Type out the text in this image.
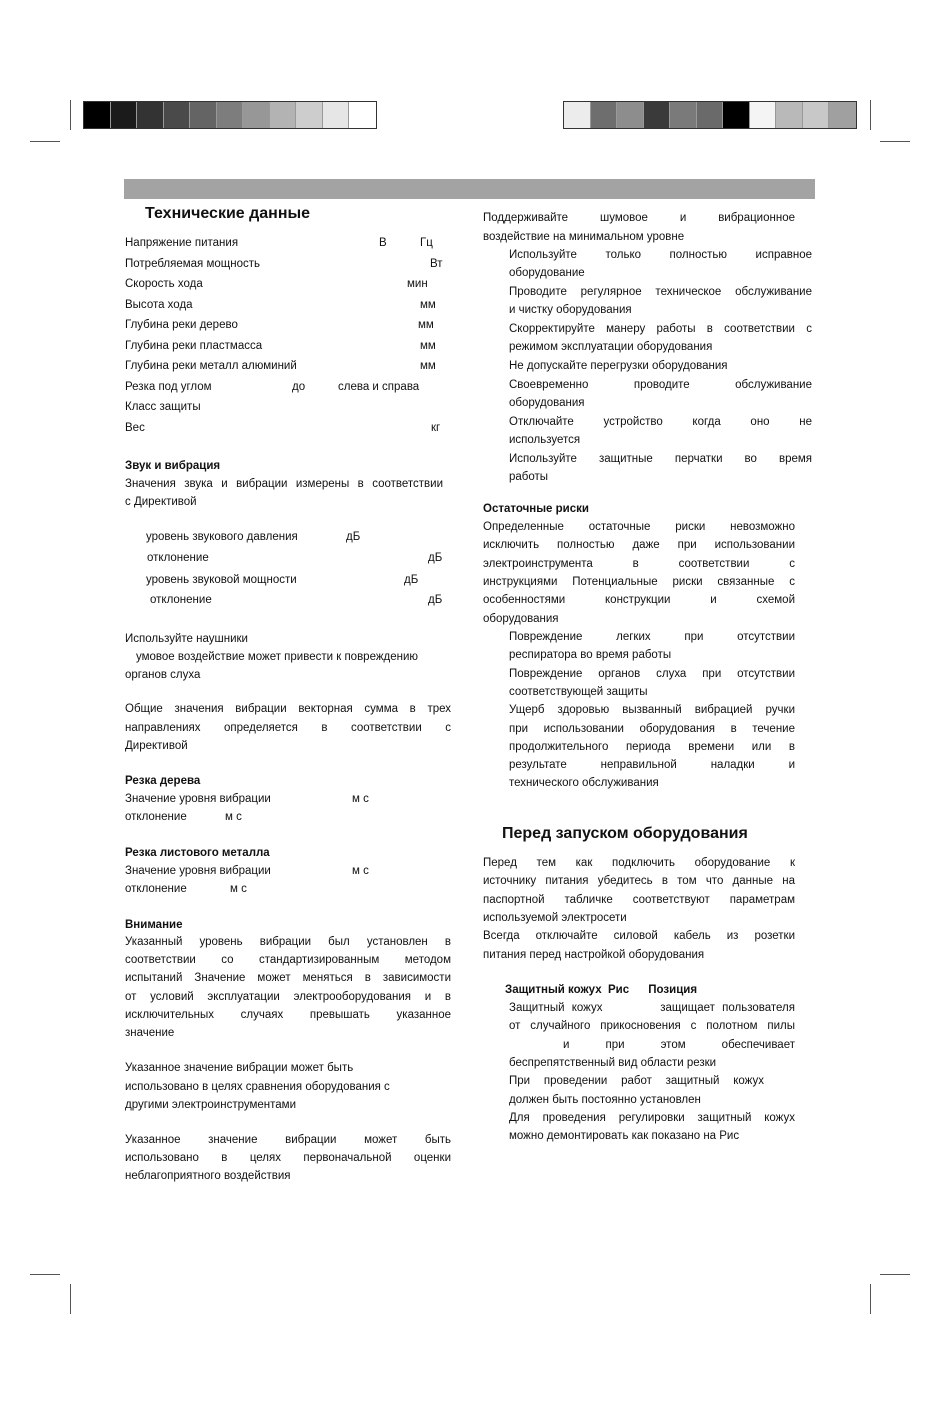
Технические данные
Напряжение питания	В	Гц
Потребляемая мощность	Вт
Скорость хода	мин
Высота хода	мм
Глубина реки дерево	мм
Глубина реки пластмасса	мм
Глубина реки металл алюминий	мм
Резка под углом	до	слева и справа
Класс защиты
Вес	кг
Звук и вибрация
Значения звука и вибрации измерены в соответствии
с Директивой
уровень звукового давления	дБ
отклонение	дБ
уровень звуковой мощности	дБ
отклонение	дБ
Используйте наушники
умовое воздействие может привести к повреждению
органов слуха
Общие значения вибрации векторная сумма в трех
направлениях определяется в соответствии с
Директивой
Резка дерева
Значение уровня вибрации	м с
отклонение	м с
Резка листового металла
Значение уровня вибрации	м с
отклонение	м с
Внимание
Указанный уровень вибрации был установлен в
соответствии со стандартизированным методом
испытаний Значение может меняться в зависимости
от условий эксплуатации электрооборудования и в
исключительных случаях превышать указанное
значение
Указанное значение вибрации может быть
использовано в целях сравнения оборудования с
другими электроинструментами
Указанное значение вибрации может быть
использовано в целях первоначальной оценки
неблагоприятного воздействия
Поддерживайте шумовое и вибрационное
воздействие на минимальном уровне
Используйте только полностью исправное
оборудование
Проводите регулярное техническое обслуживание
и чистку оборудования
Скорректируйте манеру работы в соответствии с
режимом эксплуатации оборудования
Не допускайте перегрузки оборудования
Своевременно проводите обслуживание
оборудования
Отключайте устройство когда оно не
используется
Используйте защитные перчатки во время
работы
Остаточные риски
Определенные остаточные риски невозможно
исключить полностью даже при использовании
электроинструмента в соответствии с
инструкциями Потенциальные риски связанные с
особенностями конструкции и схемой
оборудования
Повреждение легких при отсутствии
респиратора во время работы
Повреждение органов слуха при отсутствии
соответствующей защиты
Ущерб здоровью вызванный вибрацией ручки
при использовании оборудования в течение
продолжительного периода времени или в
результате неправильной наладки и
технического обслуживания
Перед запуском оборудования
Перед тем как подключить оборудование к
источнику питания убедитесь в том что данные на
паспортной табличке соответствуют параметрам
используемой электросети
Всегда отключайте силовой кабель из розетки
питания перед настройкой оборудования
Защитный кожух  Рис      Позиция
Защитный кожух        защищает пользователя
от случайного прикосновения с полотном пилы
и при этом обеспечивает
беспрепятственный вид области резки
При проведении работ защитный кожух
должен быть постоянно установлен
Для проведения регулировки защитный кожух
можно демонтировать как показано на Рис
